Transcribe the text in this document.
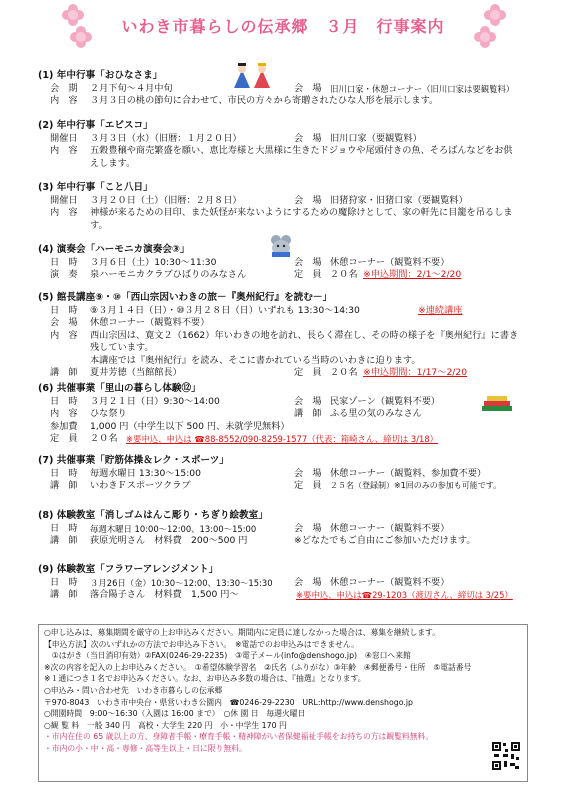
いわき市暮らしの伝承郷　３月　行事案内
(1) 年中行事「おひなさま」
会　期	２月下旬～４月中旬	会　場	旧川口家・休憩コーナー（旧川口家は要観覧料）
内　容	３月３日の桃の節句に合わせて、市民の方々から寄贈されたひな人形を展示します。
(2) 年中行事「エビスコ」
開催日	３月３日（水）（旧暦：１月２０日）	会　場 旧川口家（要観覧料）
内　容	五穀豊穣や商売繁盛を願い、恵比寿様と大黒様に生きたドジョウや尾頭付きの魚、そろばんなどをお供えします。
(3) 年中行事「こと八日」
開催日	３月２０日（土）（旧暦：２月８日）	会　場 旧猪狩家・旧猪口家（要観覧料）
内　容	神様が来るための目印、また妖怪が来ないようにするための魔除けとして、家の軒先に目籠を吊るします。
(4) 演奏会「ハーモニカ演奏会③」
日　時	３月６日（土）10:30～11:30	会　場 休憩コーナー（観覧料不要）
演　奏	泉ハーモニカクラブひばりのみなさん	定　員 ２０名 ※申込期間：2/1～2/20
(5) 館長講座⑨・⑩「西山宗因いわきの旅－『奥州紀行』を読む－」
日　時	⑨３月１４日（日）・⑩３月２８日（日）いずれも 13:30～14:30	※連続講座
会　場	休憩コーナー（観覧料不要）
内　容	西山宗因は、寛文２（1662）年いわきの地を訪れ、長らく滞在し、その時の様子を『奥州紀行』に書き残しています。
本講座では『奥州紀行』を読み、そこに書かれている当時のいわきに迫ります。
講　師	夏井芳徳（当館館長）	定　員 ２０名 ※申込期間：1/17～2/20
(6) 共催事業「里山の暮らし体験⑫」
日　時	３月２１日（日）9:30～14:00	会　場 民家ゾーン（観覧料不要）
内　容	ひな祭り	講　師 ふる里の気のみなさん
参加費	1,000 円（中学生以下 500 円、未就学児無料）
定　員	２０名 ※要申込、申込は ☎88-8552/090-8259-1577（代表：箱崎さん、締切は 3/18）
(7) 共催事業「貯筋体操＆レク・スポーツ」
日　時	毎週水曜日 13:30～15:00	会　場 休憩コーナー（観覧料、参加費不要）
講　師	いわきＦスポーツクラブ	定　員	２５名（登録制）※1回のみの参加も可能です。
(8) 体験教室「消しゴムはんこ彫り・ちぎり絵教室」
日　時	毎週木曜日 10:00～12:00、13:00～15:00	会　場 休憩コーナー（観覧料不要）
講　師	荻原光明さん　材料費　200～500 円	※どなたでもご自由にご参加いただけます。
(9) 体験教室「フラワーアレンジメント」
日　時	３月26日（金）10:30～12:00、13:30～15:30 会　場 休憩コーナー（観覧料不要）
講　師	落合陽子さん　材料費　1,500 円～	※要申込、申込は☎29-1203（渡辺さん、締切は 3/25）
○申し込みは、募集期間を厳守の上お申込みください。期間内に定員に達しなかった場合は、募集を継続します。
【申込方法】次のいずれかの方法でお申込み下さい。　※電話でのお申込みはできません。
　①はがき（当日消印有効）②FAX(0246-29-2235)　③電子メール(info@denshogo.jp)　④窓口へ来館
※次の内容を記入の上お申込みください。　①希望体験学習名　②氏名（ふりがな）③年齢　④郵便番号・住所　⑤電話番号
※１通につき１名でお申込みください。なお、お申込み多数の場合は、『抽選』となります。
○申込み・問い合わせ先　いわき市暮らしの伝承郷
〒970-8043　いわき市中央台・県営いわき公園内　☎0246-29-2230　URL:http://www.denshogo.jp
○開園時間　9:00～16:30（入園は 16:00 まで）　○休 園 日　毎週火曜日
○観 覧 料　一般 340 円　高校・大学生 220 円　小・中学生 170 円
・市内在住の 65 歳以上の方、身障者手帳・療育手帳・精神障がい者保健福祉手帳をお持ちの方は観覧料無料。
・市内の小・中・高・専修・高等生以上・日に限り無料。
